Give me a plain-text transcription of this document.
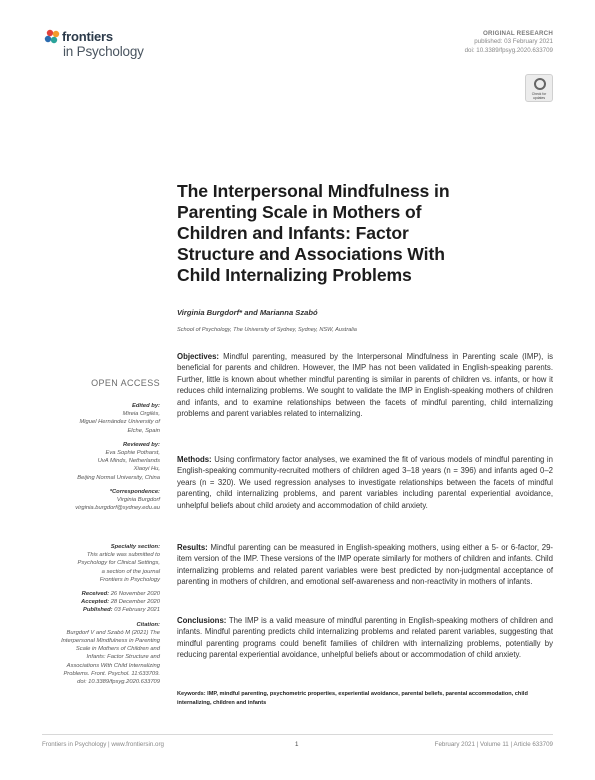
frontiers
in Psychology
ORIGINAL RESEARCH
published: 03 February 2021
doi: 10.3389/fpsyg.2020.633709
Check for updates
The Interpersonal Mindfulness in
Parenting Scale in Mothers of
Children and Infants: Factor
Structure and Associations With
Child Internalizing Problems
Virginia Burgdorf* and Marianna Szabó
School of Psychology, The University of Sydney, Sydney, NSW, Australia
OPEN ACCESS
Edited by:
Mireia Orgilés,
Miguel Hernández University of
Elche, Spain
Reviewed by:
Eva Sophie Potharst,
UvA Minds, Netherlands
Xiaoyi Hu,
Beijing Normal University, China
*Correspondence:
Virginia Burgdorf
virginia.burgdorf@sydney.edu.au
Specialty section:
This article was submitted to
Psychology for Clinical Settings,
a section of the journal
Frontiers in Psychology
Received: 26 November 2020
Accepted: 28 December 2020
Published: 03 February 2021
Citation:
Burgdorf V and Szabó M (2021) The
Interpersonal Mindfulness in Parenting
Scale in Mothers of Children and
Infants: Factor Structure and
Associations With Child Internalizing
Problems. Front. Psychol. 11:633709.
doi: 10.3389/fpsyg.2020.633709
Objectives: Mindful parenting, measured by the Interpersonal Mindfulness in Parenting scale (IMP), is beneficial for parents and children. However, the IMP has not been validated in English-speaking parents. Further, little is known about whether mindful parenting is similar in parents of children vs. infants, or how it reduces child internalizing problems. We sought to validate the IMP in English-speaking mothers of children and infants, and to examine relationships between the facets of mindful parenting, child internalizing problems and parent variables related to internalizing.
Methods: Using confirmatory factor analyses, we examined the fit of various models of mindful parenting in English-speaking community-recruited mothers of children aged 3–18 years (n = 396) and infants aged 0–2 years (n = 320). We used regression analyses to investigate relationships between the facets of mindful parenting, child internalizing problems, and parent variables including parental experiential avoidance, unhelpful beliefs about child anxiety and accommodation of child anxiety.
Results: Mindful parenting can be measured in English-speaking mothers, using either a 5- or 6-factor, 29-item version of the IMP. These versions of the IMP operate similarly for mothers of children and infants. Child internalizing problems and related parent variables were best predicted by non-judgmental acceptance of parenting in mothers of children, and emotional self-awareness and non-reactivity in mothers of infants.
Conclusions: The IMP is a valid measure of mindful parenting in English-speaking mothers of children and infants. Mindful parenting predicts child internalizing problems and related parent variables, suggesting that mindful parenting programs could benefit families of children with internalizing problems, potentially by reducing parental experiential avoidance, unhelpful beliefs about or accommodation of child anxiety.
Keywords: IMP, mindful parenting, psychometric properties, experiential avoidance, parental beliefs, parental accommodation, child internalizing, children and infants
Frontiers in Psychology | www.frontiersin.org	1	February 2021 | Volume 11 | Article 633709
